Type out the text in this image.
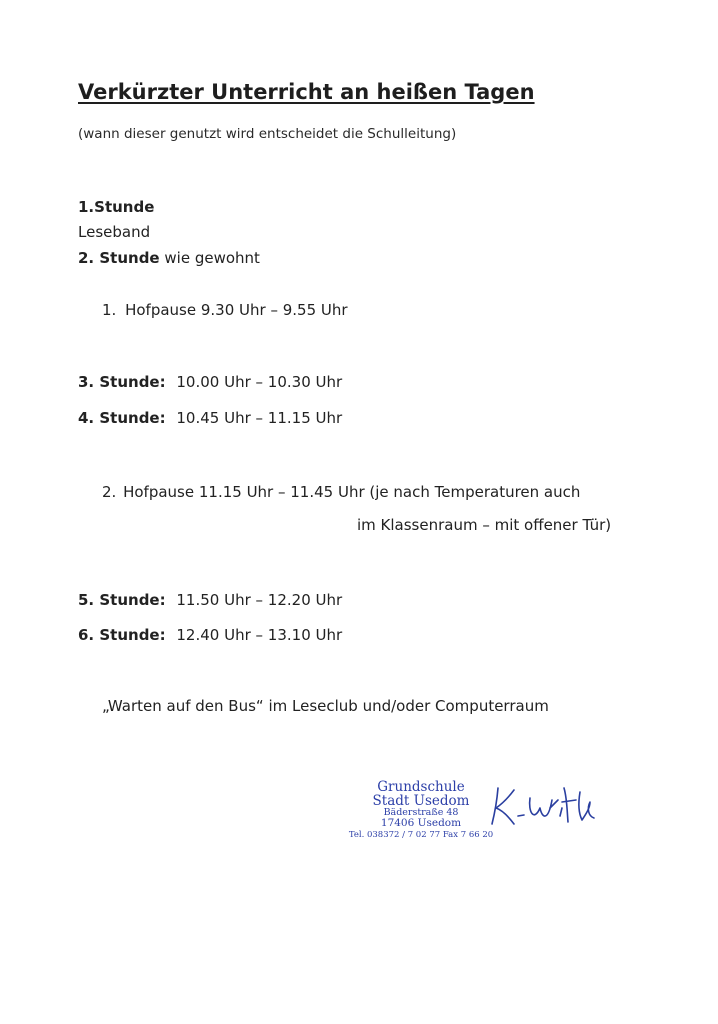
Verkürzter Unterricht an heißen Tagen
(wann dieser genutzt wird entscheidet die Schulleitung)
1.Stunde
Leseband
2. Stunde wie gewohnt
1. Hofpause 9.30 Uhr – 9.55 Uhr
3. Stunde: 10.00 Uhr – 10.30 Uhr
4. Stunde: 10.45 Uhr – 11.15 Uhr
2. Hofpause 11.15 Uhr – 11.45 Uhr (je nach Temperaturen auch
im Klassenraum – mit offener Tür)
5. Stunde: 11.50 Uhr – 12.20 Uhr
6. Stunde: 12.40 Uhr – 13.10 Uhr
„Warten auf den Bus“ im Leseclub und/oder Computerraum
Grundschule
Stadt Usedom
Bäderstraße 48
17406 Usedom
Tel. 038372 / 7 02 77 Fax 7 66 20
